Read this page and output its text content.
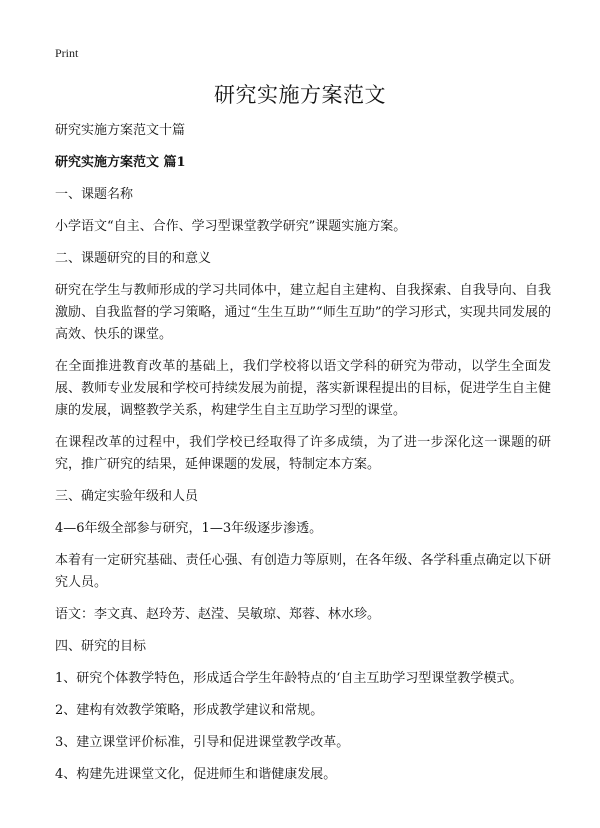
Print
研究实施方案范文

研究实施方案范文十篇

研究实施方案范文 篇1

一、课题名称

小学语文“自主、合作、学习型课堂教学研究”课题实施方案。

二、课题研究的目的和意义

研究在学生与教师形成的学习共同体中，建立起自主建构、自我探索、自我导向、自我激励、自我监督的学习策略，通过“生生互助”“师生互助”的学习形式，实现共同发展的高效、快乐的课堂。

在全面推进教育改革的基础上，我们学校将以语文学科的研究为带动，以学生全面发展、教师专业发展和学校可持续发展为前提，落实新课程提出的目标，促进学生自主健康的发展，调整教学关系，构建学生自主互助学习型的课堂。

在课程改革的过程中，我们学校已经取得了许多成绩，为了进一步深化这一课题的研究，推广研究的结果，延伸课题的发展，特制定本方案。

三、确定实验年级和人员

4—6年级全部参与研究，1—3年级逐步渗透。

本着有一定研究基础、责任心强、有创造力等原则，在各年级、各学科重点确定以下研究人员。

语文：李文真、赵玲芳、赵滢、吴敏琼、郑蓉、林水珍。

四、研究的目标

1、研究个体教学特色，形成适合学生年龄特点的‘自主互助学习型课堂教学模式。

2、建构有效教学策略，形成教学建议和常规。

3、建立课堂评价标准，引导和促进课堂教学改革。

4、构建先进课堂文化，促进师生和谐健康发展。
